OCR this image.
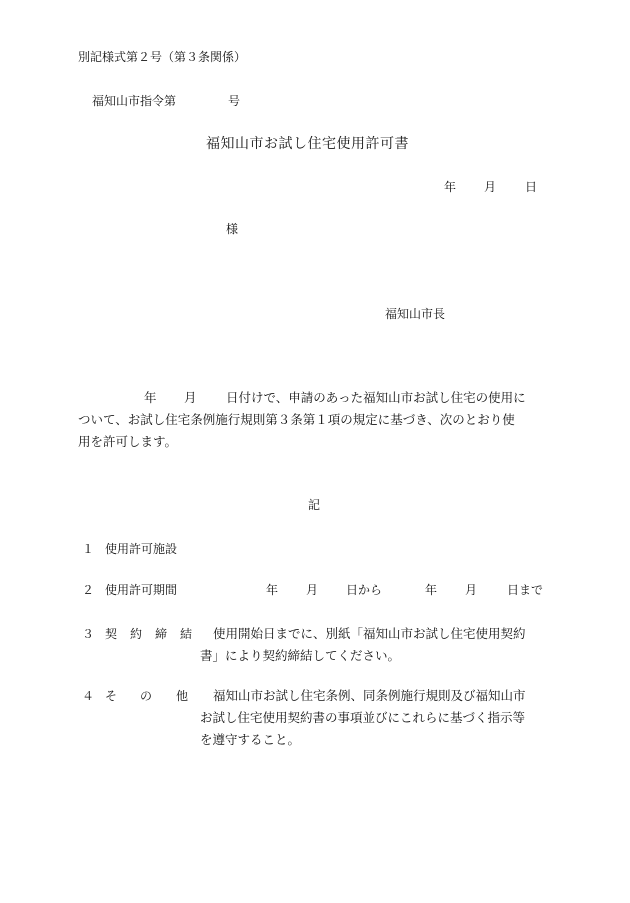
別記様式第２号（第３条関係）
福知山市指令第	号
福知山市お試し住宅使用許可書
年 月 日
様
福知山市長
年 月 日付けで、申請のあった福知山市お試し住宅の使用に
ついて、お試し住宅条例施行規則第３条第１項の規定に基づき、次のとおり使
用を許可します。
記
１ 使用許可施設
２ 使用許可期間	年 月 日から	年 月 日まで
３ 契 約 締 結 使用開始日までに、別紙「福知山市お試し住宅使用契約
書」により契約締結してください。
４ そ の 他 福知山市お試し住宅条例、同条例施行規則及び福知山市
お試し住宅使用契約書の事項並びにこれらに基づく指示等
を遵守すること。
